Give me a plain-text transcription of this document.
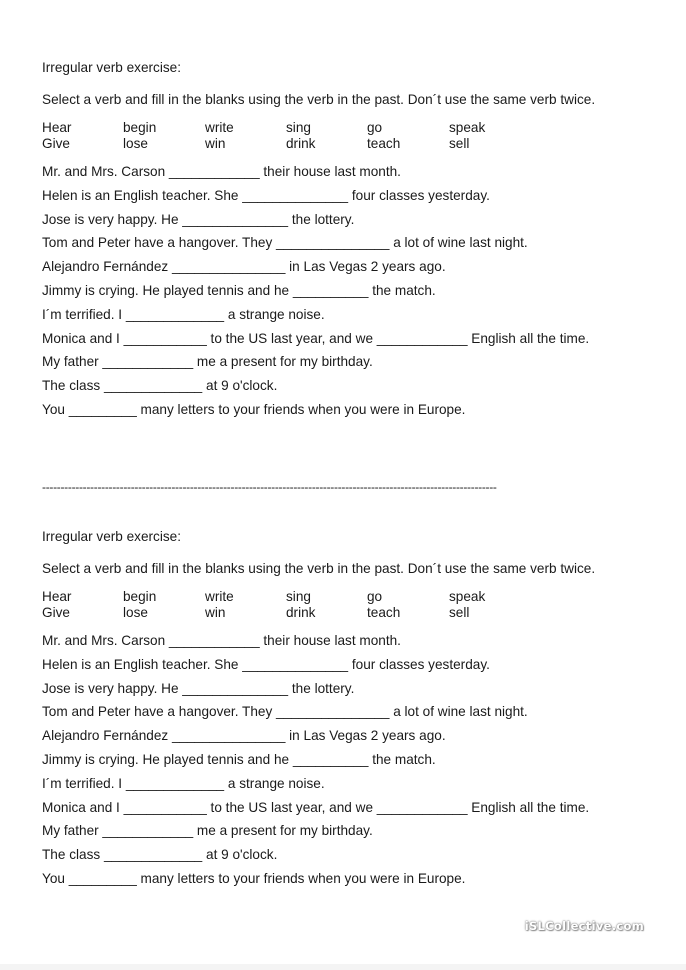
Irregular verb exercise:
Select a verb and fill in the blanks using the verb in the past. Don´t use the same verb twice.
Hear	begin	write	sing	go	speak
Give	lose	win	drink	teach	sell
Mr. and Mrs. Carson ____________ their house last month.
Helen is an English teacher. She ______________ four classes yesterday.
Jose is very happy. He ______________ the lottery.
Tom and Peter have a hangover. They _______________ a lot of wine last night.
Alejandro Fernández _______________ in Las Vegas 2 years ago.
Jimmy is crying. He played tennis and he __________ the match.
I´m terrified. I _____________ a strange noise.
Monica and I ___________ to the US last year, and we ____________ English all the time.
My father ____________ me a present for my birthday.
The class _____________ at 9 o'clock.
You _________ many letters to your friends when you were in Europe.
---------------------------------------------------------------------------------------------------------------------------
Irregular verb exercise:
Select a verb and fill in the blanks using the verb in the past. Don´t use the same verb twice.
Hear	begin	write	sing	go	speak
Give	lose	win	drink	teach	sell
Mr. and Mrs. Carson ____________ their house last month.
Helen is an English teacher. She ______________ four classes yesterday.
Jose is very happy. He ______________ the lottery.
Tom and Peter have a hangover. They _______________ a lot of wine last night.
Alejandro Fernández _______________ in Las Vegas 2 years ago.
Jimmy is crying. He played tennis and he __________ the match.
I´m terrified. I _____________ a strange noise.
Monica and I ___________ to the US last year, and we ____________ English all the time.
My father ____________ me a present for my birthday.
The class _____________ at 9 o'clock.
You _________ many letters to your friends when you were in Europe.
iSLCollective.com
